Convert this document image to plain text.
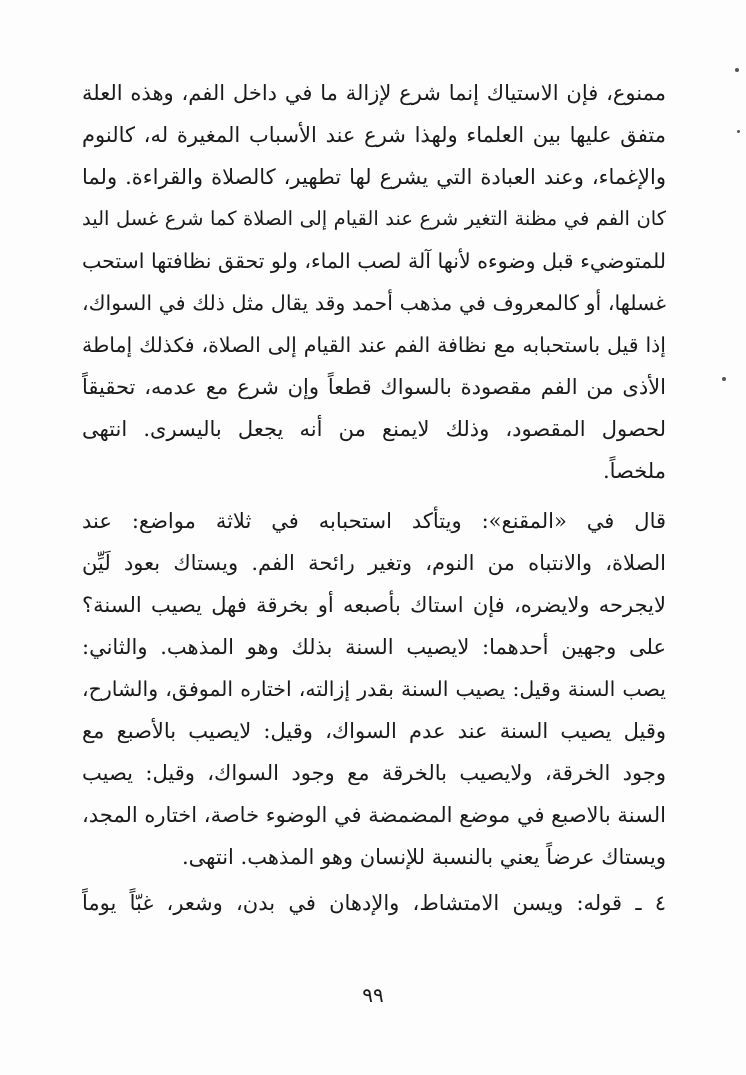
ممنوع، فإن الاستياك إنما شرع لإزالة ما في داخل الفم، وهذه العلة
متفق عليها بين العلماء ولهذا شرع عند الأسباب المغيرة له، كالنوم
والإغماء، وعند العبادة التي يشرع لها تطهير، كالصلاة والقراءة. ولما
كان الفم في مظنة التغير شرع عند القيام إلى الصلاة كما شرع غسل اليد
للمتوضيء قبل وضوءه لأنها آلة لصب الماء، ولو تحقق نظافتها استحب
غسلها، أو كالمعروف في مذهب أحمد وقد يقال مثل ذلك في السواك،
إذا قيل باستحبابه مع نظافة الفم عند القيام إلى الصلاة، فكذلك إماطة
الأذى من الفم مقصودة بالسواك قطعاً وإن شرع مع عدمه، تحقيقاً
لحصول المقصود، وذلك لايمنع من أنه يجعل باليسرى. انتهى
ملخصاً.
قال في «المقنع»: ويتأكد استحبابه في ثلاثة مواضع: عند
الصلاة، والانتباه من النوم، وتغير رائحة الفم. ويستاك بعود لَيِّن
لايجرحه ولايضره، فإن استاك بأصبعه أو بخرقة فهل يصيب السنة؟
على وجهين أحدهما: لايصيب السنة بذلك وهو المذهب. والثاني:
يصب السنة وقيل: يصيب السنة بقدر إزالته، اختاره الموفق، والشارح،
وقيل يصيب السنة عند عدم السواك، وقيل: لايصيب بالأصبع مع
وجود الخرقة، ولايصيب بالخرقة مع وجود السواك، وقيل: يصيب
السنة بالاصبع في موضع المضمضة في الوضوء خاصة، اختاره المجد،
ويستاك عرضاً يعني بالنسبة للإنسان وهو المذهب. انتهى.
٤ ـ قوله: ويسن الامتشاط، والإدهان في بدن، وشعر، غبّاً يوماً
٩٩
